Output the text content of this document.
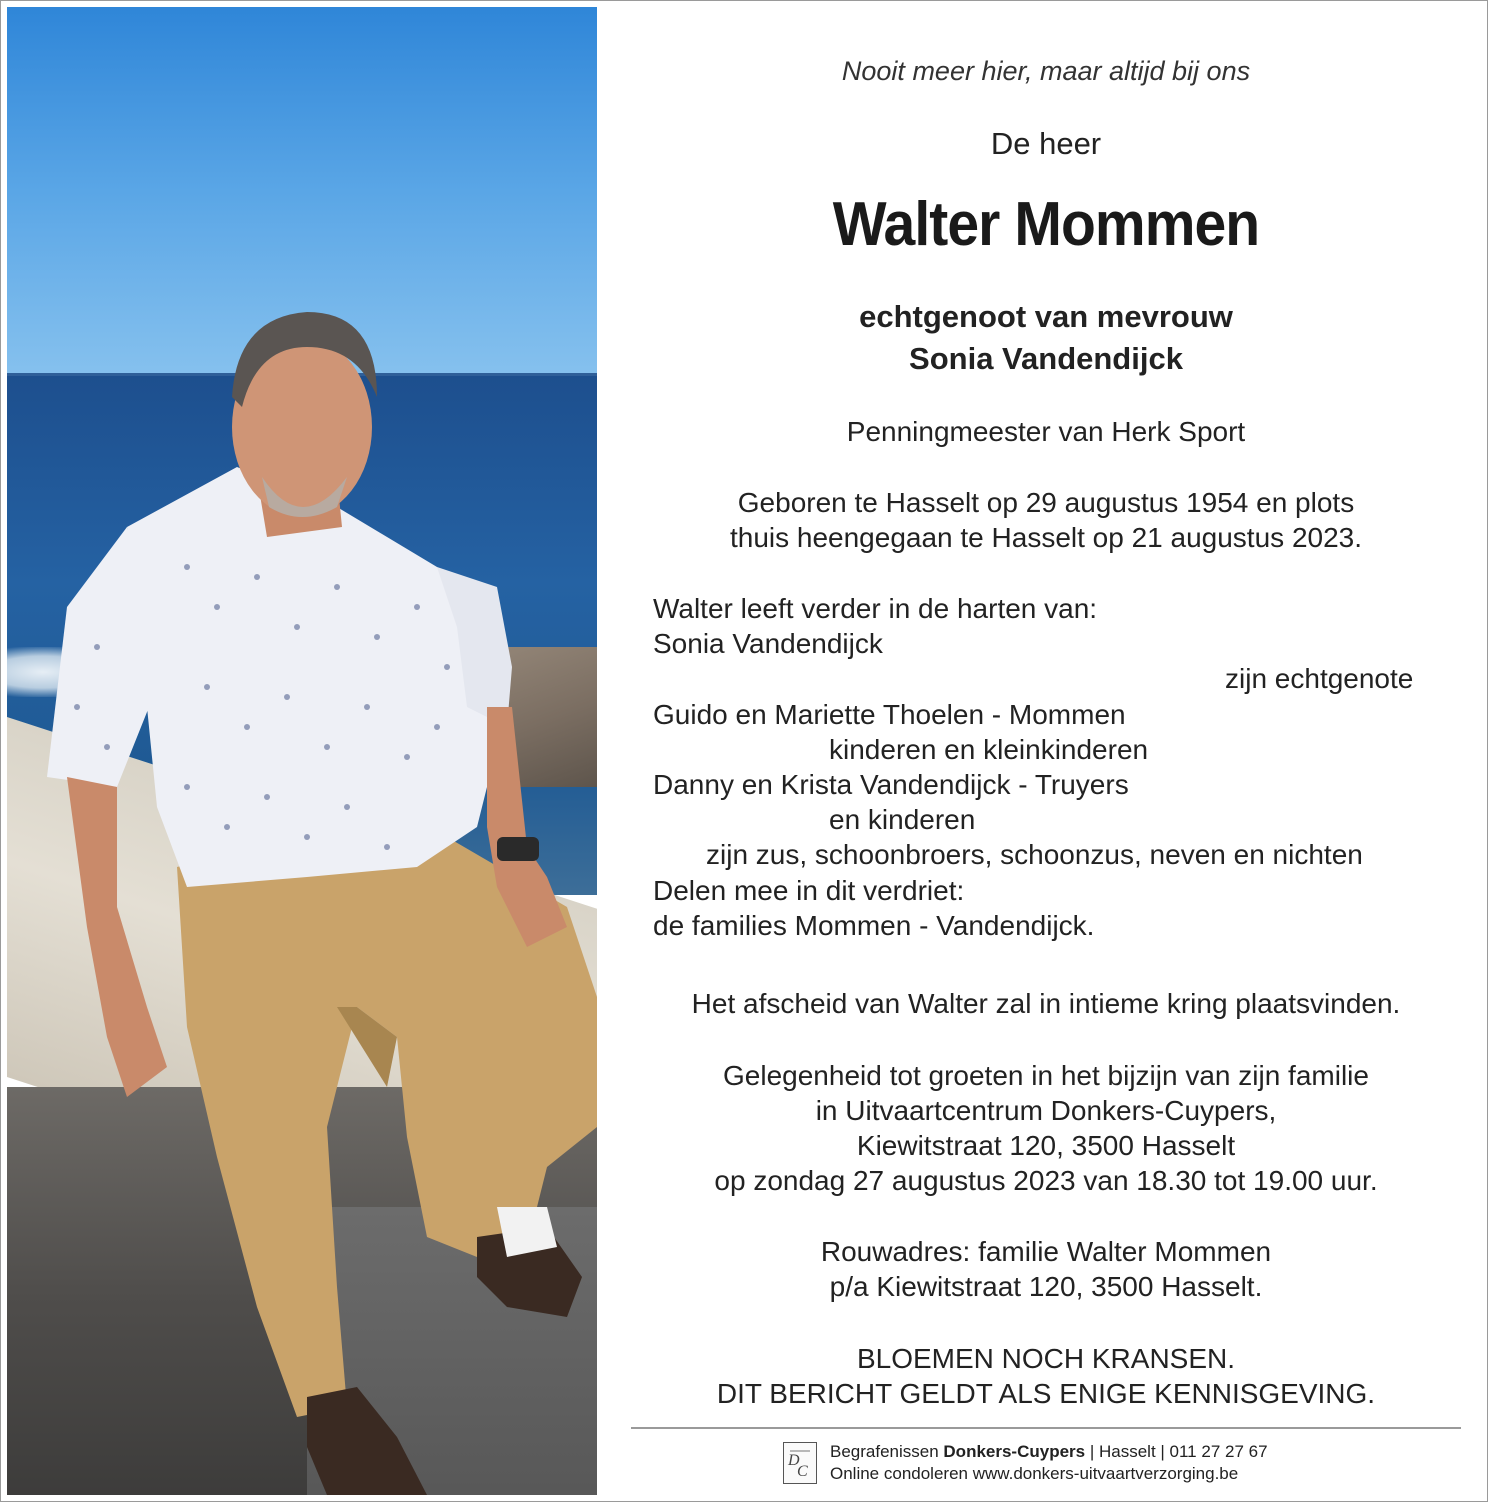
Nooit meer hier, maar altijd bij ons
De heer
Walter Mommen
echtgenoot van mevrouw
Sonia Vandendijck
Penningmeester van Herk Sport
Geboren te Hasselt op 29 augustus 1954 en plots
thuis heengegaan te Hasselt op 21 augustus 2023.
Walter leeft verder in de harten van:
Sonia Vandendijck
zijn echtgenote
Guido en Mariette Thoelen - Mommen
kinderen en kleinkinderen
Danny en Krista Vandendijck - Truyers
en kinderen
zijn zus, schoonbroers, schoonzus, neven en nichten
Delen mee in dit verdriet:
de families Mommen - Vandendijck.
Het afscheid van Walter zal in intieme kring plaatsvinden.
Gelegenheid tot groeten in het bijzijn van zijn familie
in Uitvaartcentrum Donkers-Cuypers,
Kiewitstraat 120, 3500 Hasselt
op zondag 27 augustus 2023 van 18.30 tot 19.00 uur.
Rouwadres: familie Walter Mommen
p/a Kiewitstraat 120, 3500 Hasselt.
BLOEMEN NOCH KRANSEN.
DIT BERICHT GELDT ALS ENIGE KENNISGEVING.
D
C
Begrafenissen Donkers-Cuypers | Hasselt | 011 27 27 67
Online condoleren www.donkers-uitvaartverzorging.be
